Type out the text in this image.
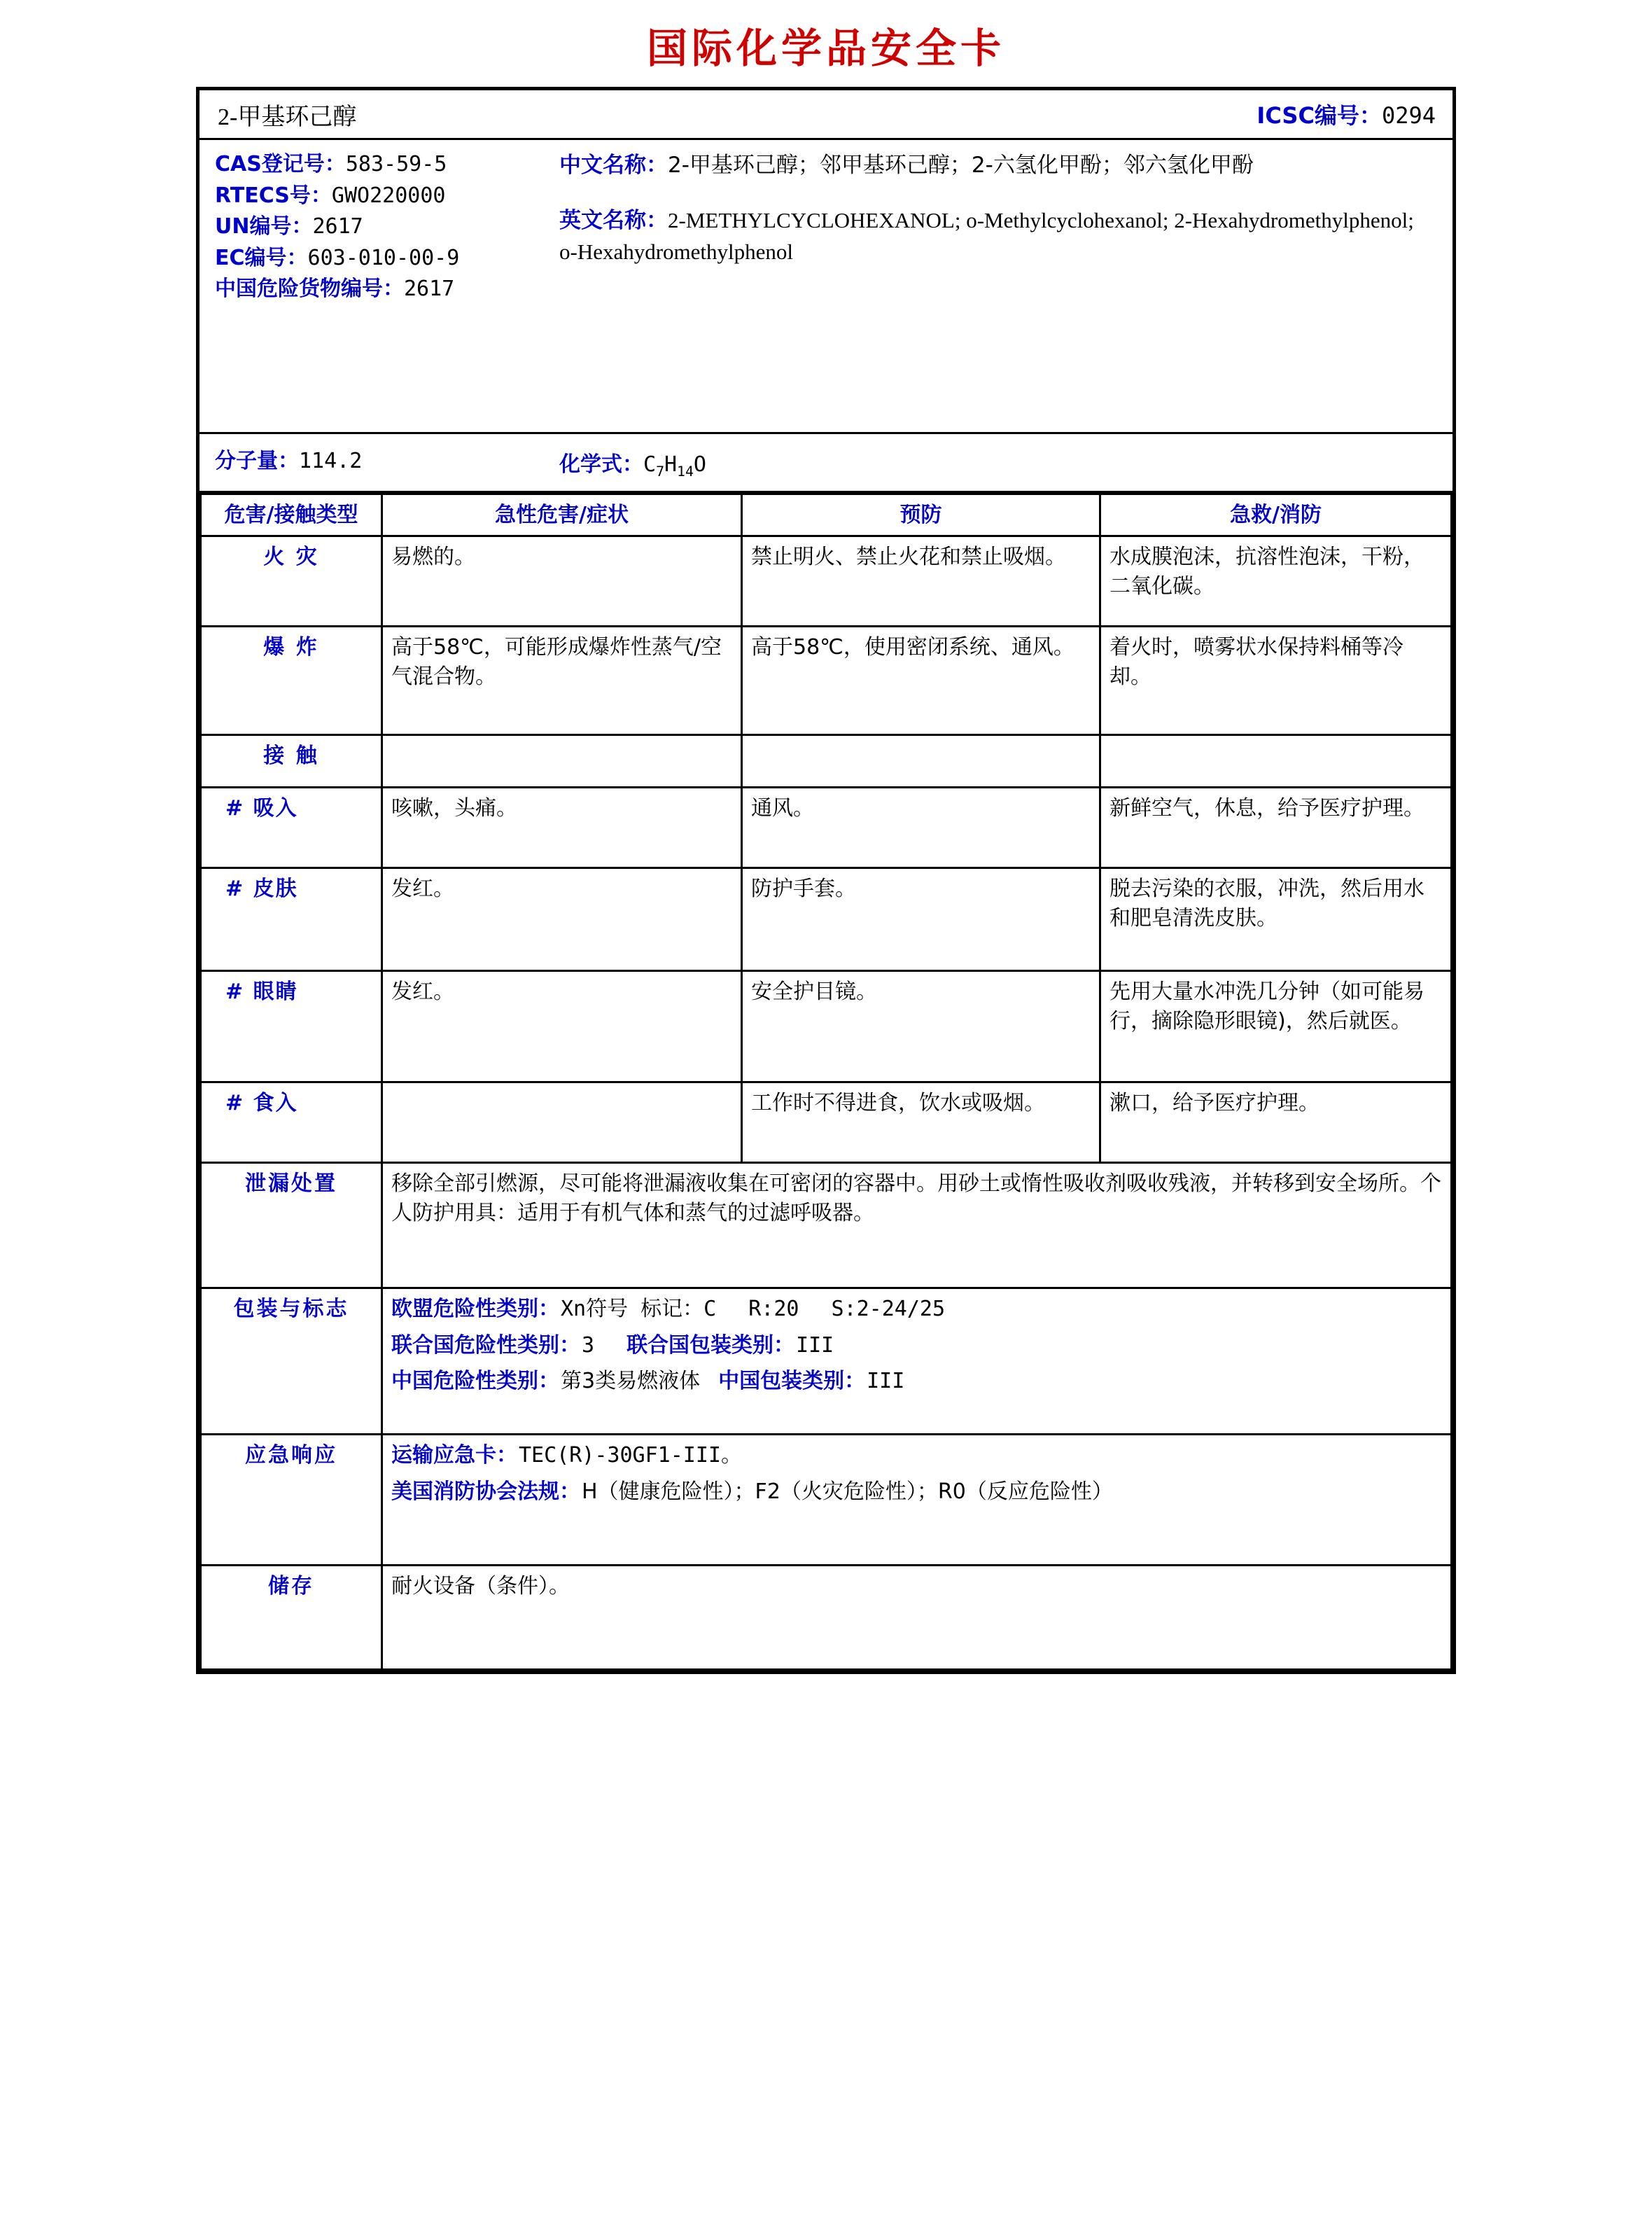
国际化学品安全卡
2-甲基环己醇	ICSC编号：0294
CAS登记号：583-59-5
RTECS号：GWO220000
UN编号：2617
EC编号：603-010-00-9
中国危险货物编号：2617
中文名称：2-甲基环己醇；邻甲基环己醇；2-六氢化甲酚；邻六氢化甲酚
英文名称：2-METHYLCYCLOHEXANOL; o-Methylcyclohexanol; 2-Hexahydromethylphenol; o-Hexahydromethylphenol
分子量：114.2	化学式：$C_7H_{14}O$
危害/接触类型	急性危害/症状	预防	急救/消防
火 灾	易燃的。	禁止明火、禁止火花和禁止吸烟。	水成膜泡沫，抗溶性泡沫，干粉，二氧化碳。
爆 炸	高于58℃，可能形成爆炸性蒸气/空气混合物。	高于58℃，使用密闭系统、通风。	着火时，喷雾状水保持料桶等冷却。
接 触			
# 吸入	咳嗽，头痛。	通风。	新鲜空气，休息，给予医疗护理。
# 皮肤	发红。	防护手套。	脱去污染的衣服，冲洗，然后用水和肥皂清洗皮肤。
# 眼睛	发红。	安全护目镜。	先用大量水冲洗几分钟（如可能易行，摘除隐形眼镜)，然后就医。
# 食入		工作时不得进食，饮水或吸烟。	漱口，给予医疗护理。
泄漏处置	移除全部引燃源，尽可能将泄漏液收集在可密闭的容器中。用砂土或惰性吸收剂吸收残液，并转移到安全场所。个人防护用具：适用于有机气体和蒸气的过滤呼吸器。		
包装与标志	欧盟危险性类别：Xn符号 标记：C R:20 S:2-24/25
联合国危险性类别：3 联合国包装类别：III
中国危险性类别：第3类易燃液体 中国包装类别：III		

应急响应	运输应急卡：TEC(R)-30GF1-III。
美国消防协会法规：H（健康危险性）；F2（火灾危险性）；R0（反应危险性）		

储存	耐火设备（条件）。		
